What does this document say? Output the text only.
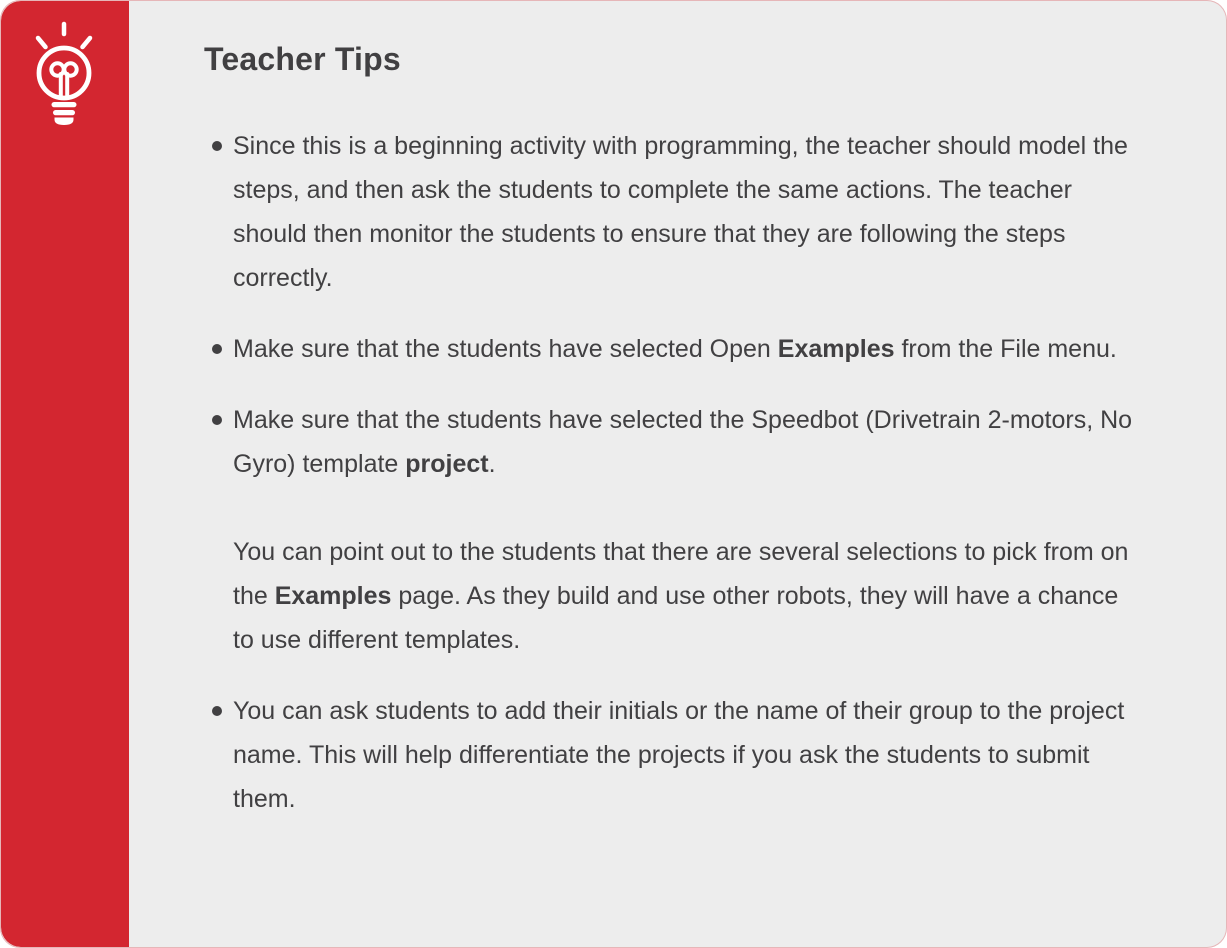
Teacher Tips
Since this is a beginning activity with programming, the teacher should model the steps, and then ask the students to complete the same actions. The teacher should then monitor the students to ensure that they are following the steps correctly.
Make sure that the students have selected Open Examples from the File menu.
Make sure that the students have selected the Speedbot (Drivetrain 2-motors, No Gyro) template project.
You can point out to the students that there are several selections to pick from on the Examples page. As they build and use other robots, they will have a chance to use different templates.
You can ask students to add their initials or the name of their group to the project name. This will help differentiate the projects if you ask the students to submit them.
